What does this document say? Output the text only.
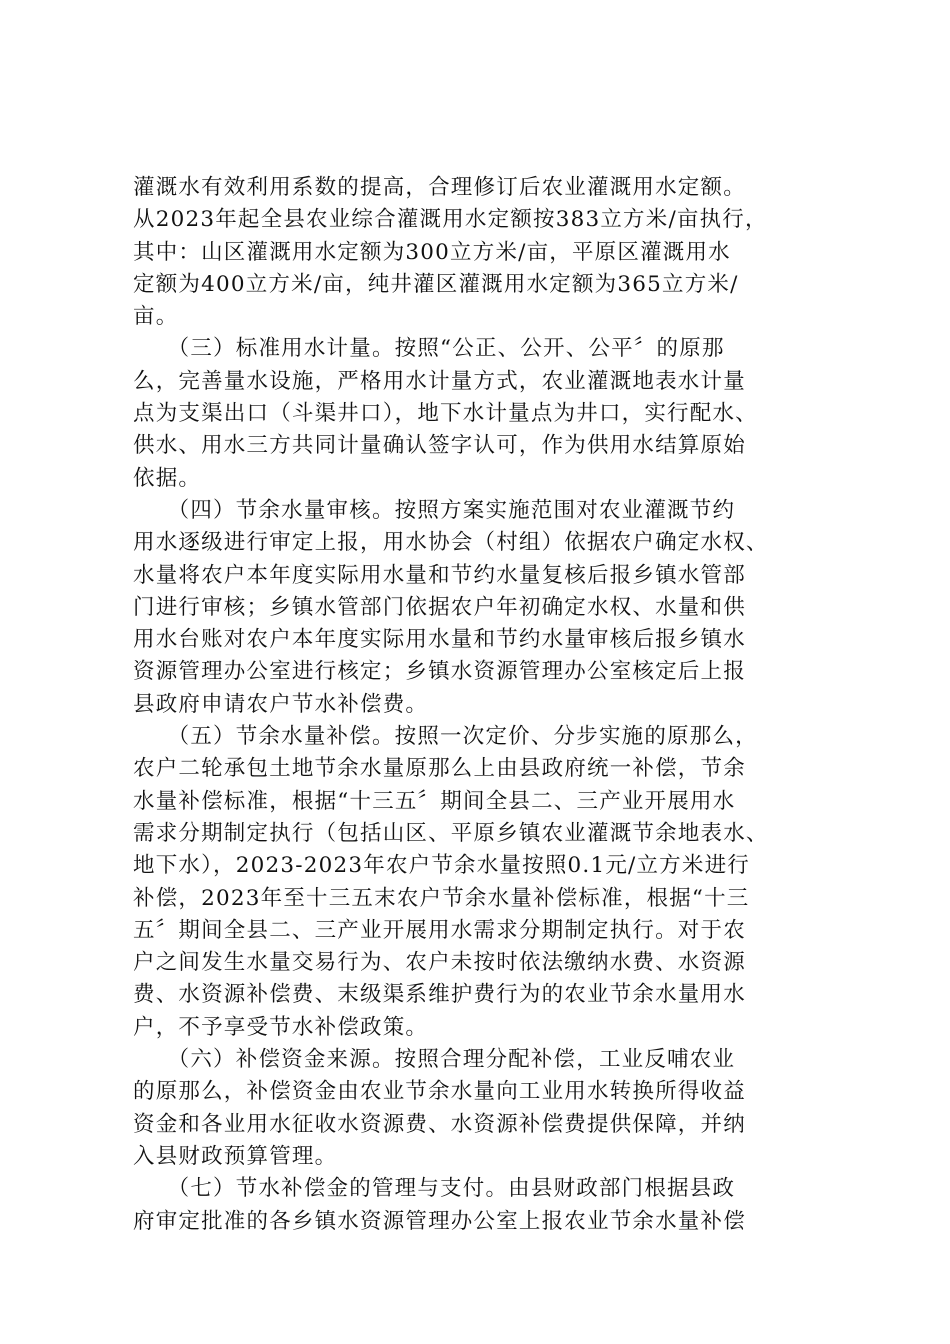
灌溉水有效利用系数的提高，合理修订后农业灌溉用水定额。
从2023年起全县农业综合灌溉用水定额按383立方米/亩执行，
其中：山区灌溉用水定额为300立方米/亩，平原区灌溉用水
定额为400立方米/亩，纯井灌区灌溉用水定额为365立方米/
亩。

　　（三）标准用水计量。按照“公正、公开、公平〞的原那
么，完善量水设施，严格用水计量方式，农业灌溉地表水计量
点为支渠出口（斗渠井口），地下水计量点为井口，实行配水、
供水、用水三方共同计量确认签字认可，作为供用水结算原始
依据。

　　（四）节余水量审核。按照方案实施范围对农业灌溉节约
用水逐级进行审定上报，用水协会（村组）依据农户确定水权、
水量将农户本年度实际用水量和节约水量复核后报乡镇水管部
门进行审核；乡镇水管部门依据农户年初确定水权、水量和供
用水台账对农户本年度实际用水量和节约水量审核后报乡镇水
资源管理办公室进行核定；乡镇水资源管理办公室核定后上报
县政府申请农户节水补偿费。

　　（五）节余水量补偿。按照一次定价、分步实施的原那么，
农户二轮承包土地节余水量原那么上由县政府统一补偿，节余
水量补偿标准，根据“十三五〞期间全县二、三产业开展用水
需求分期制定执行（包括山区、平原乡镇农业灌溉节余地表水、
地下水），2023-2023年农户节余水量按照0.1元/立方米进行
补偿，2023年至十三五末农户节余水量补偿标准，根据“十三
五〞期间全县二、三产业开展用水需求分期制定执行。对于农
户之间发生水量交易行为、农户未按时依法缴纳水费、水资源
费、水资源补偿费、末级渠系维护费行为的农业节余水量用水
户，不予享受节水补偿政策。

　　（六）补偿资金来源。按照合理分配补偿，工业反哺农业
的原那么，补偿资金由农业节余水量向工业用水转换所得收益
资金和各业用水征收水资源费、水资源补偿费提供保障，并纳
入县财政预算管理。

　　（七）节水补偿金的管理与支付。由县财政部门根据县政
府审定批准的各乡镇水资源管理办公室上报农业节余水量补偿
